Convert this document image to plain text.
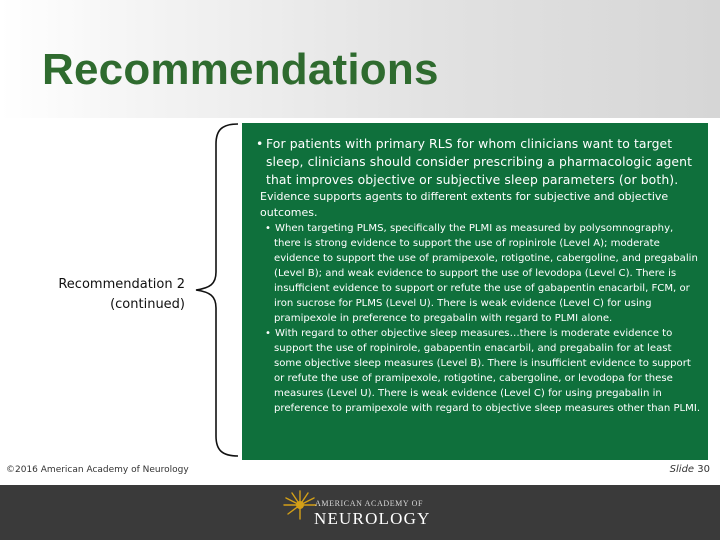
Recommendations
Recommendation 2
(continued)

• For patients with primary RLS for whom clinicians want to target sleep, clinicians should consider prescribing a pharmacologic agent that improves objective or subjective sleep parameters (or both).

Evidence supports agents to different extents for subjective and objective outcomes.

• When targeting PLMS, specifically the PLMI as measured by polysomnography, there is strong evidence to support the use of ropinirole (Level A); moderate evidence to support the use of pramipexole, rotigotine, cabergoline, and pregabalin (Level B); and weak evidence to support the use of levodopa (Level C). There is insufficient evidence to support or refute the use of gabapentin enacarbil, FCM, or iron sucrose for PLMS (Level U). There is weak evidence (Level C) for using pramipexole in preference to pregabalin with regard to PLMI alone.

• With regard to other objective sleep measures…there is moderate evidence to support the use of ropinirole, gabapentin enacarbil, and pregabalin for at least some objective sleep measures (Level B). There is insufficient evidence to support or refute the use of pramipexole, rotigotine, cabergoline, or levodopa for these measures (Level U). There is weak evidence (Level C) for using pregabalin in preference to pramipexole with regard to objective sleep measures other than PLMI.

©2016 American Academy of Neurology	Slide 30
AMERICAN ACADEMY OF
NEUROLOGY
